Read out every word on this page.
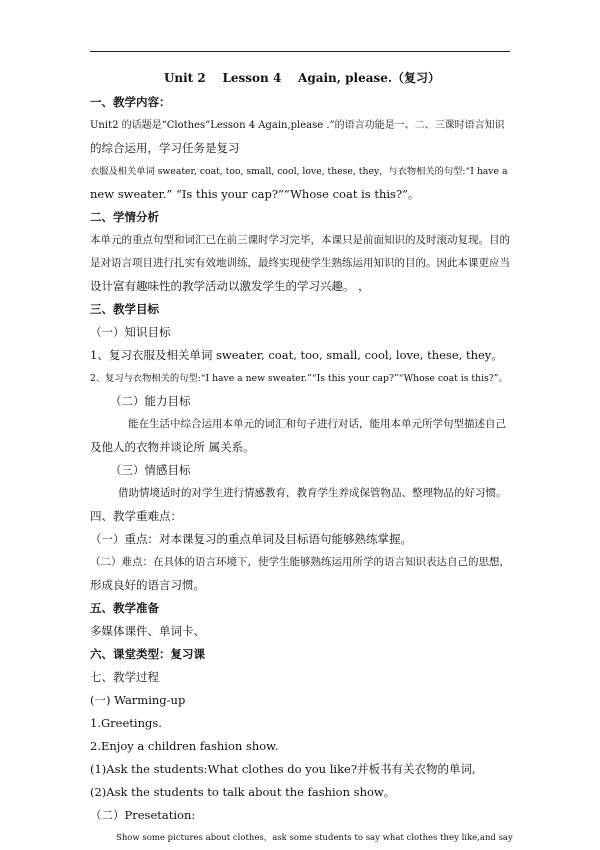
Unit 2    Lesson 4    Again, please.（复习）
一、教学内容：
Unit2 的话题是“Clothes”Lesson 4 Again,please .”的语言功能是一、二、三课时语言知识
的综合运用，学习任务是复习
衣服及相关单词 sweater, coat, too, small, cool, love, these, they，与衣物相关的句型:“I have a
new sweater.” “Is this your cap?”“Whose coat is this?”。
二、学情分析
本单元的重点句型和词汇已在前三课时学习完毕，本课只是前面知识的及时滚动复现。目的
是对语言项目进行扎实有效地训练，最终实现使学生熟练运用知识的目的。因此本课更应当
设计富有趣味性的教学活动以激发学生的学习兴趣。 ，
三、教学目标
（一）知识目标
1、复习衣服及相关单词 sweater, coat, too, small, cool, love, these, they。
2、复习与衣物相关的句型:“I have a new sweater.”“Is this your cap?”“Whose coat is this?”。
（二）能力目标
能在生活中综合运用本单元的词汇和句子进行对话，能用本单元所学句型描述自己
及他人的衣物并谈论所 属关系。
（三）情感目标
借助情境适时的对学生进行情感教育，教育学生养成保管物品、整理物品的好习惯。
四、教学重难点：
（一）重点：对本课复习的重点单词及目标语句能够熟练掌握。
（二）难点：在具体的语言环境下，使学生能够熟练运用所学的语言知识表达自己的思想，
形成良好的语言习惯。
五、教学准备
多媒体课件、单词卡、
六、课堂类型：复习课
七、教学过程
(一) Warming-up
1.Greetings.
2.Enjoy a children fashion show.
(1)Ask the students:What clothes do you like?并板书有关衣物的单词,
(2)Ask the students to talk about the fashion show。
（二）Presetation:
Show some pictures about clothes，ask some students to say what clothes they like,and say
